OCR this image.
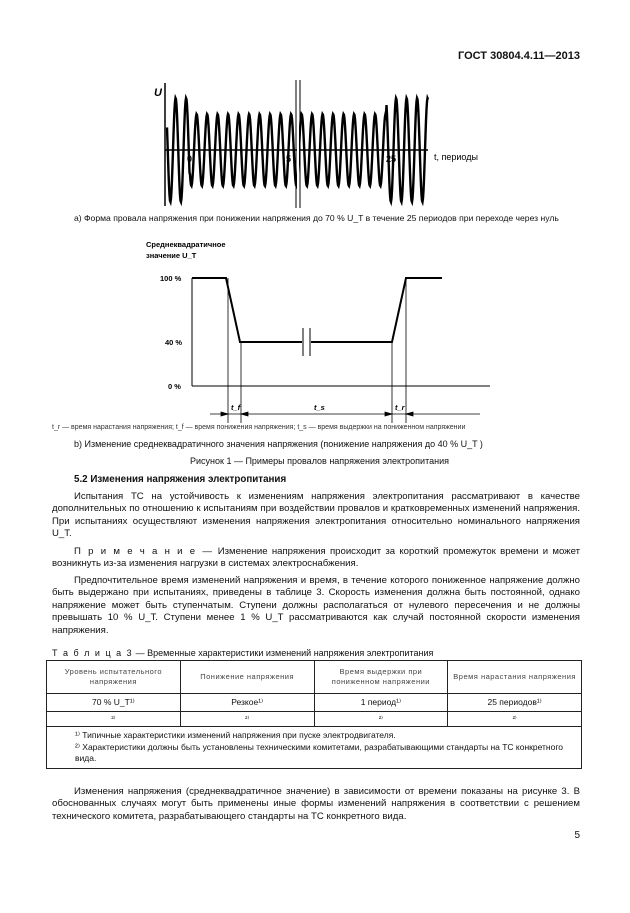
ГОСТ 30804.4.11—2013
U
0	5	25	t, периоды
а) Форма провала напряжения при понижении напряжения до 70 % U_T в течение 25 периодов при переходе через нуль
Среднеквадратичное
значение U_T
100 %
40 %
0 %
t_f	t_s	t_r
t_r — время нарастания напряжения; t_f — время понижения напряжения; t_s — время выдержки на пониженном напряжении
b) Изменение среднеквадратичного значения напряжения (понижение напряжения до 40 % U_T )
Рисунок 1 — Примеры провалов напряжения электропитания
5.2 Изменения напряжения электропитания
Испытания ТС на устойчивость к изменениям напряжения электропитания рассматривают в качестве дополнительных по отношению к испытаниям при воздействии провалов и кратковременных изменений напряжения. При испытаниях осуществляют изменения напряжения электропитания относительно номинального напряжения U_T.
П р и м е ч а н и е — Изменение напряжения происходит за короткий промежуток времени и может возникнуть из-за изменения нагрузки в системах электроснабжения.
Предпочтительное время изменений напряжения и время, в течение которого пониженное напряжение должно быть выдержано при испытаниях, приведены в таблице 3. Скорость изменения должна быть постоянной, однако напряжение может быть ступенчатым. Ступени должны располагаться от нулевого пересечения и не должны превышать 10 % U_T. Ступени менее 1 % U_T рассматриваются как случай постоянной скорости изменения напряжения.
Т а б л и ц а 3 — Временные характеристики изменений напряжения электропитания
Уровень испытательного напряжения	Понижение напряжения	Время выдержки при пониженном напряжении	Время нарастания напряжения
70 % U_T¹⁾	Резкое¹⁾	1 период¹⁾	25 периодов¹⁾
²⁾	²⁾	²⁾	²⁾

¹⁾ Типичные характеристики изменений напряжения при пуске электродвигателя.
²⁾ Характеристики должны быть установлены техническими комитетами, разрабатывающими стандарты на ТС конкретного вида.			
Изменения напряжения (среднеквадратичное значение) в зависимости от времени показаны на рисунке 3. В обоснованных случаях могут быть применены иные формы изменений напряжения в соответствии с решением технического комитета, разрабатывающего стандарты на ТС конкретного вида.
5
